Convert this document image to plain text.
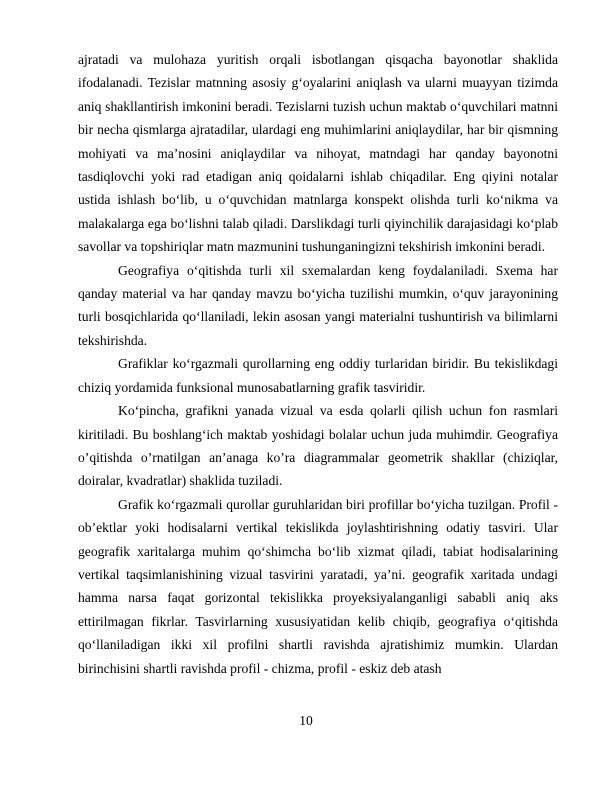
ajratadi va mulohaza yuritish orqali isbotlangan qisqacha bayonotlar shaklida ifodalanadi. Tezislar matnning asosiy g‘oyalarini aniqlash va ularni muayyan tizimda aniq shakllantirish imkonini beradi. Tezislarni tuzish uchun maktab o‘quvchilari matnni bir necha qismlarga ajratadilar, ulardagi eng muhimlarini aniqlaydilar, har bir qismning mohiyati va ma’nosini aniqlaydilar va nihoyat, matndagi har qanday bayonotni tasdiqlovchi yoki rad etadigan aniq qoidalarni ishlab chiqadilar. Eng qiyini notalar ustida ishlash bo‘lib, u o‘quvchidan matnlarga konspekt olishda turli ko‘nikma va malakalarga ega bo‘lishni talab qiladi. Darslikdagi turli qiyinchilik darajasidagi ko‘plab savollar va topshiriqlar matn mazmunini tushunganingizni tekshirish imkonini beradi.

Geografiya o‘qitishda turli xil sxemalardan keng foydalaniladi. Sxema har qanday material va har qanday mavzu bo‘yicha tuzilishi mumkin, o‘quv jarayonining turli bosqichlarida qo‘llaniladi, lekin asosan yangi materialni tushuntirish va bilimlarni tekshirishda.

Grafiklar ko‘rgazmali qurollarning eng oddiy turlaridan biridir. Bu tekislikdagi chiziq yordamida funksional munosabatlarning grafik tasviridir.

Ko‘pincha, grafikni yanada vizual va esda qolarli qilish uchun fon rasmlari kiritiladi. Bu boshlang‘ich maktab yoshidagi bolalar uchun juda muhimdir. Geografiya o’qitishda o’rnatilgan an’anaga ko’ra diagrammalar geometrik shakllar (chiziqlar, doiralar, kvadratlar) shaklida tuziladi.

Grafik ko‘rgazmali qurollar guruhlaridan biri profillar bo‘yicha tuzilgan. Profil - ob’ektlar yoki hodisalarni vertikal tekislikda joylashtirishning odatiy tasviri. Ular geografik xaritalarga muhim qo‘shimcha bo‘lib xizmat qiladi, tabiat hodisalarining vertikal taqsimlanishining vizual tasvirini yaratadi, ya’ni. geografik xaritada undagi hamma narsa faqat gorizontal tekislikka proyeksiyalanganligi sababli aniq aks ettirilmagan fikrlar. Tasvirlarning xususiyatidan kelib chiqib, geografiya o‘qitishda qo‘llaniladigan ikki xil profilni shartli ravishda ajratishimiz mumkin. Ulardan birinchisini shartli ravishda profil - chizma, profil - eskiz deb atash

10
